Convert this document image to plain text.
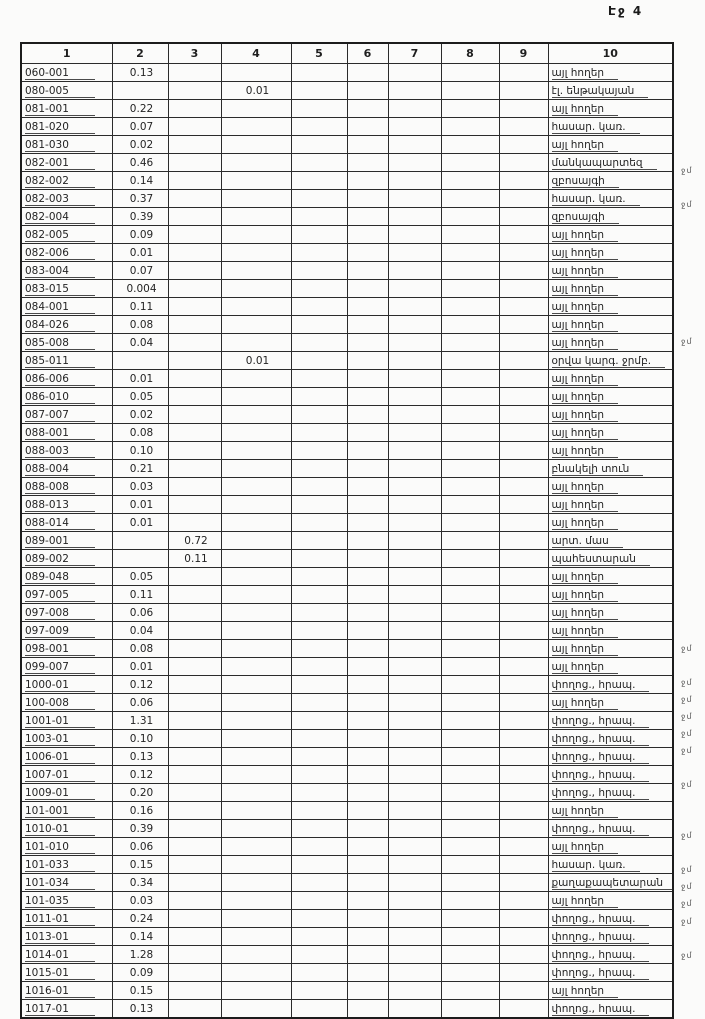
Էջ 4
1	2	3	4	5	6	7	8	9	10
060-001	0.13								այլ հողեր
080-005			0.01						էլ. ենթակայան
081-001	0.22								այլ հողեր
081-020	0.07								հասար. կառ.
081-030	0.02								այլ հողեր
082-001	0.46								մանկապարտեզ
082-002	0.14								զբոսայգի
082-003	0.37								հասար. կառ.
082-004	0.39								զբոսայգի
082-005	0.09								այլ հողեր
082-006	0.01								այլ հողեր
083-004	0.07								այլ հողեր
083-015	0.004								այլ հողեր
084-001	0.11								այլ հողեր
084-026	0.08								այլ հողեր
085-008	0.04								այլ հողեր
085-011			0.01						օրվա կարգ. ջրմբ.
086-006	0.01								այլ հողեր
086-010	0.05								այլ հողեր
087-007	0.02								այլ հողեր
088-001	0.08								այլ հողեր
088-003	0.10								այլ հողեր
088-004	0.21								բնակելի տուն
088-008	0.03								այլ հողեր
088-013	0.01								այլ հողեր
088-014	0.01								այլ հողեր
089-001		0.72							արտ. մաս
089-002		0.11							պահեստարան
089-048	0.05								այլ հողեր
097-005	0.11								այլ հողեր
097-008	0.06								այլ հողեր
097-009	0.04								այլ հողեր
098-001	0.08								այլ հողեր
099-007	0.01								այլ հողեր
1000-01	0.12								փողոց., հրապ.
100-008	0.06								այլ հողեր
1001-01	1.31								փողոց., հրապ.
1003-01	0.10								փողոց., հրապ.
1006-01	0.13								փողոց., հրապ.
1007-01	0.12								փողոց., հրապ.
1009-01	0.20								փողոց., հրապ.
101-001	0.16								այլ հողեր
1010-01	0.39								փողոց., հրապ.
101-010	0.06								այլ հողեր
101-033	0.15								հասար. կառ.
101-034	0.34								քաղաքապետարան
101-035	0.03								այլ հողեր
1011-01	0.24								փողոց., հրապ.
1013-01	0.14								փողոց., հրապ.
1014-01	1.28								փողոց., հրապ.
1015-01	0.09								փողոց., հրապ.
1016-01	0.15								այլ հողեր
1017-01	0.13								փողոց., հրապ.
ջմ
ջմ
ջմ
ջմ
ջմ
ջմ
ջմ
ջմ
ջմ
ջմ
ջմ
ջմ
ջմ
ջմ
ջմ
ջմ
